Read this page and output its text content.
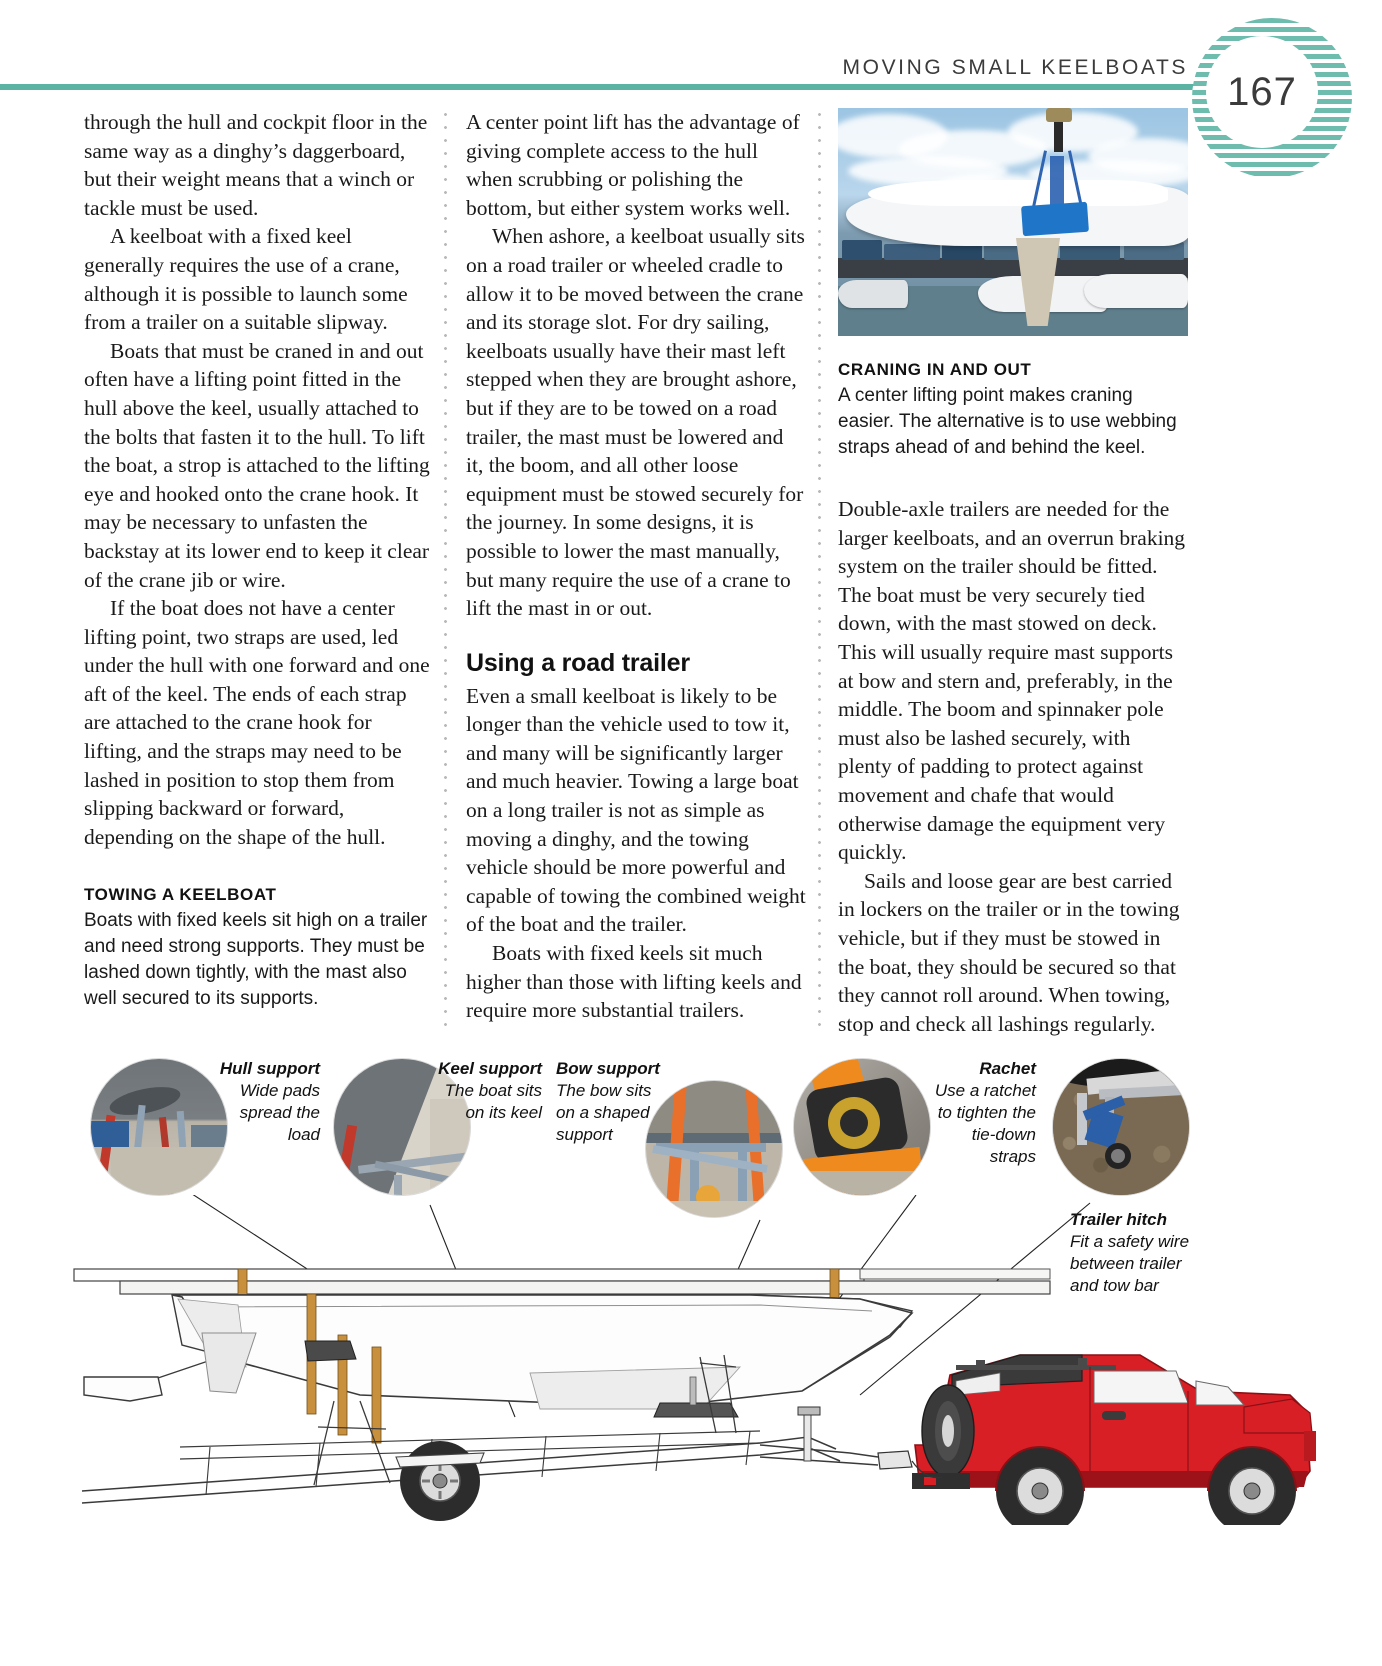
MOVING SMALL KEELBOATS
167

through the hull and cockpit floor in the same way as a dinghy’s daggerboard, but their weight means that a winch or tackle must be used.

A keelboat with a fixed keel generally requires the use of a crane, although it is possible to launch some from a trailer on a suitable slipway.

Boats that must be craned in and out often have a lifting point fitted in the hull above the keel, usually attached to the bolts that fasten it to the hull. To lift the boat, a strop is attached to the lifting eye and hooked onto the crane hook. It may be necessary to unfasten the backstay at its lower end to keep it clear of the crane jib or wire.

If the boat does not have a center lifting point, two straps are used, led under the hull with one forward and one aft of the keel. The ends of each strap are attached to the crane hook for lifting, and the straps may need to be lashed in position to stop them from slipping backward or forward, depending on the shape of the hull.

TOWING A KEELBOAT

Boats with fixed keels sit high on a trailer and need strong supports. They must be lashed down tightly, with the mast also well secured to its supports.

A center point lift has the advantage of giving complete access to the hull when scrubbing or polishing the bottom, but either system works well.

When ashore, a keelboat usually sits on a road trailer or wheeled cradle to allow it to be moved between the crane and its storage slot. For dry sailing, keelboats usually have their mast left stepped when they are brought ashore, but if they are to be towed on a road trailer, the mast must be lowered and it, the boom, and all other loose equipment must be stowed securely for the journey. In some designs, it is possible to lower the mast manually, but many require the use of a crane to lift the mast in or out.

Using a road trailer

Even a small keelboat is likely to be longer than the vehicle used to tow it, and many will be significantly larger and much heavier. Towing a large boat on a long trailer is not as simple as moving a dinghy, and the towing vehicle should be more powerful and capable of towing the combined weight of the boat and the trailer.

Boats with fixed keels sit much higher than those with lifting keels and require more substantial trailers.

CRANING IN AND OUT

A center lifting point makes craning easier. The alternative is to use webbing straps ahead of and behind the keel.

Double-axle trailers are needed for the larger keelboats, and an overrun braking system on the trailer should be fitted. The boat must be very securely tied down, with the mast stowed on deck. This will usually require mast supports at bow and stern and, preferably, in the middle. The boom and spinnaker pole must also be lashed securely, with plenty of padding to protect against movement and chafe that would otherwise damage the equipment very quickly.

Sails and loose gear are best carried in lockers on the trailer or in the towing vehicle, but if they must be stowed in the boat, they should be secured so that they cannot roll around. When towing, stop and check all lashings regularly.

Hull support
Wide pads spread the load
Keel support
The boat sits on its keel
Bow support
The bow sits on a shaped support
Rachet
Use a ratchet to tighten the tie-down straps
Trailer hitch
Fit a safety wire between trailer and tow bar
